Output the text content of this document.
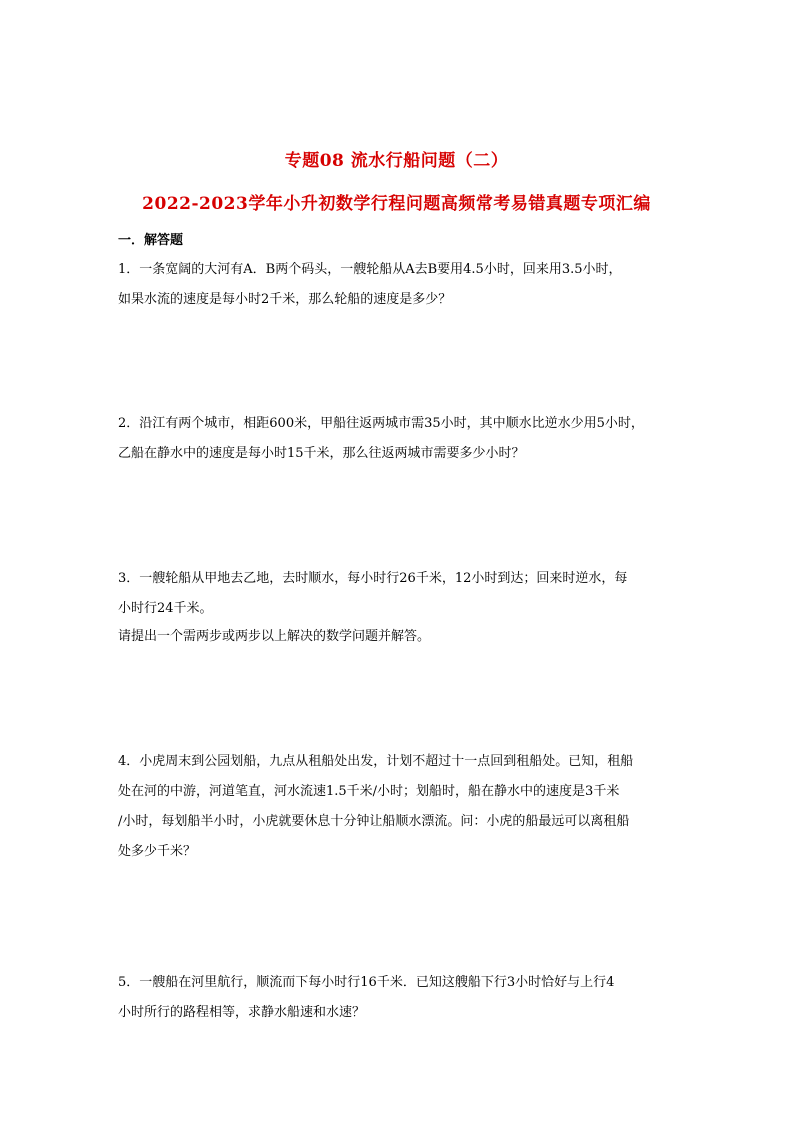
专题08 流水行船问题（二）
2022-2023学年小升初数学行程问题高频常考易错真题专项汇编
一．解答题

1．一条宽阔的大河有A．B两个码头，一艘轮船从A去B要用4.5小时，回来用3.5小时，

如果水流的速度是每小时2千米，那么轮船的速度是多少？

2．沿江有两个城市，相距600米，甲船往返两城市需35小时，其中顺水比逆水少用5小时，

乙船在静水中的速度是每小时15千米，那么往返两城市需要多少小时？

3．一艘轮船从甲地去乙地，去时顺水，每小时行26千米，12小时到达；回来时逆水，每

小时行24千米。

请提出一个需两步或两步以上解决的数学问题并解答。

4．小虎周末到公园划船，九点从租船处出发，计划不超过十一点回到租船处。已知，租船

处在河的中游，河道笔直，河水流速1.5千米/小时；划船时，船在静水中的速度是3千米

/小时，每划船半小时，小虎就要休息十分钟让船顺水漂流。问：小虎的船最远可以离租船

处多少千米？

5．一艘船在河里航行，顺流而下每小时行16千米．已知这艘船下行3小时恰好与上行4

小时所行的路程相等，求静水船速和水速？
